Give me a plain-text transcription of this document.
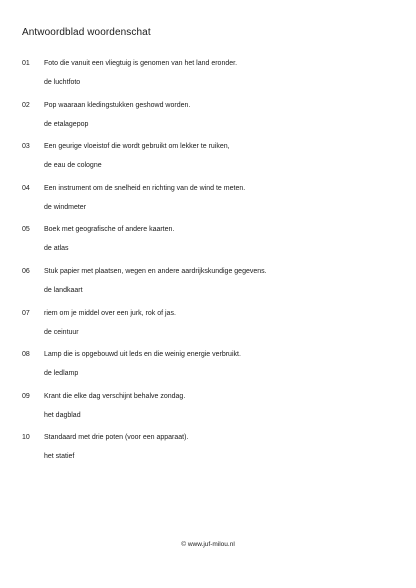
Antwoordblad woordenschat
01 Foto die vanuit een vliegtuig is genomen van het land eronder.
de luchtfoto
02 Pop waaraan kledingstukken geshowd worden.
de etalagepop
03 Een geurige vloeistof die wordt gebruikt om lekker te ruiken,
de eau de cologne
04 Een instrument om de snelheid en richting van de wind te meten.
de windmeter
05 Boek met geografische of andere kaarten.
de atlas
06 Stuk papier met plaatsen, wegen en andere aardrijkskundige gegevens.
de landkaart
07 riem om je middel over een jurk, rok of jas.
de ceintuur
08 Lamp die is opgebouwd uit leds en die weinig energie verbruikt.
de ledlamp
09 Krant die elke dag verschijnt behalve zondag.
het dagblad
10 Standaard met drie poten (voor een apparaat).
het statief
© www.juf-milou.nl
